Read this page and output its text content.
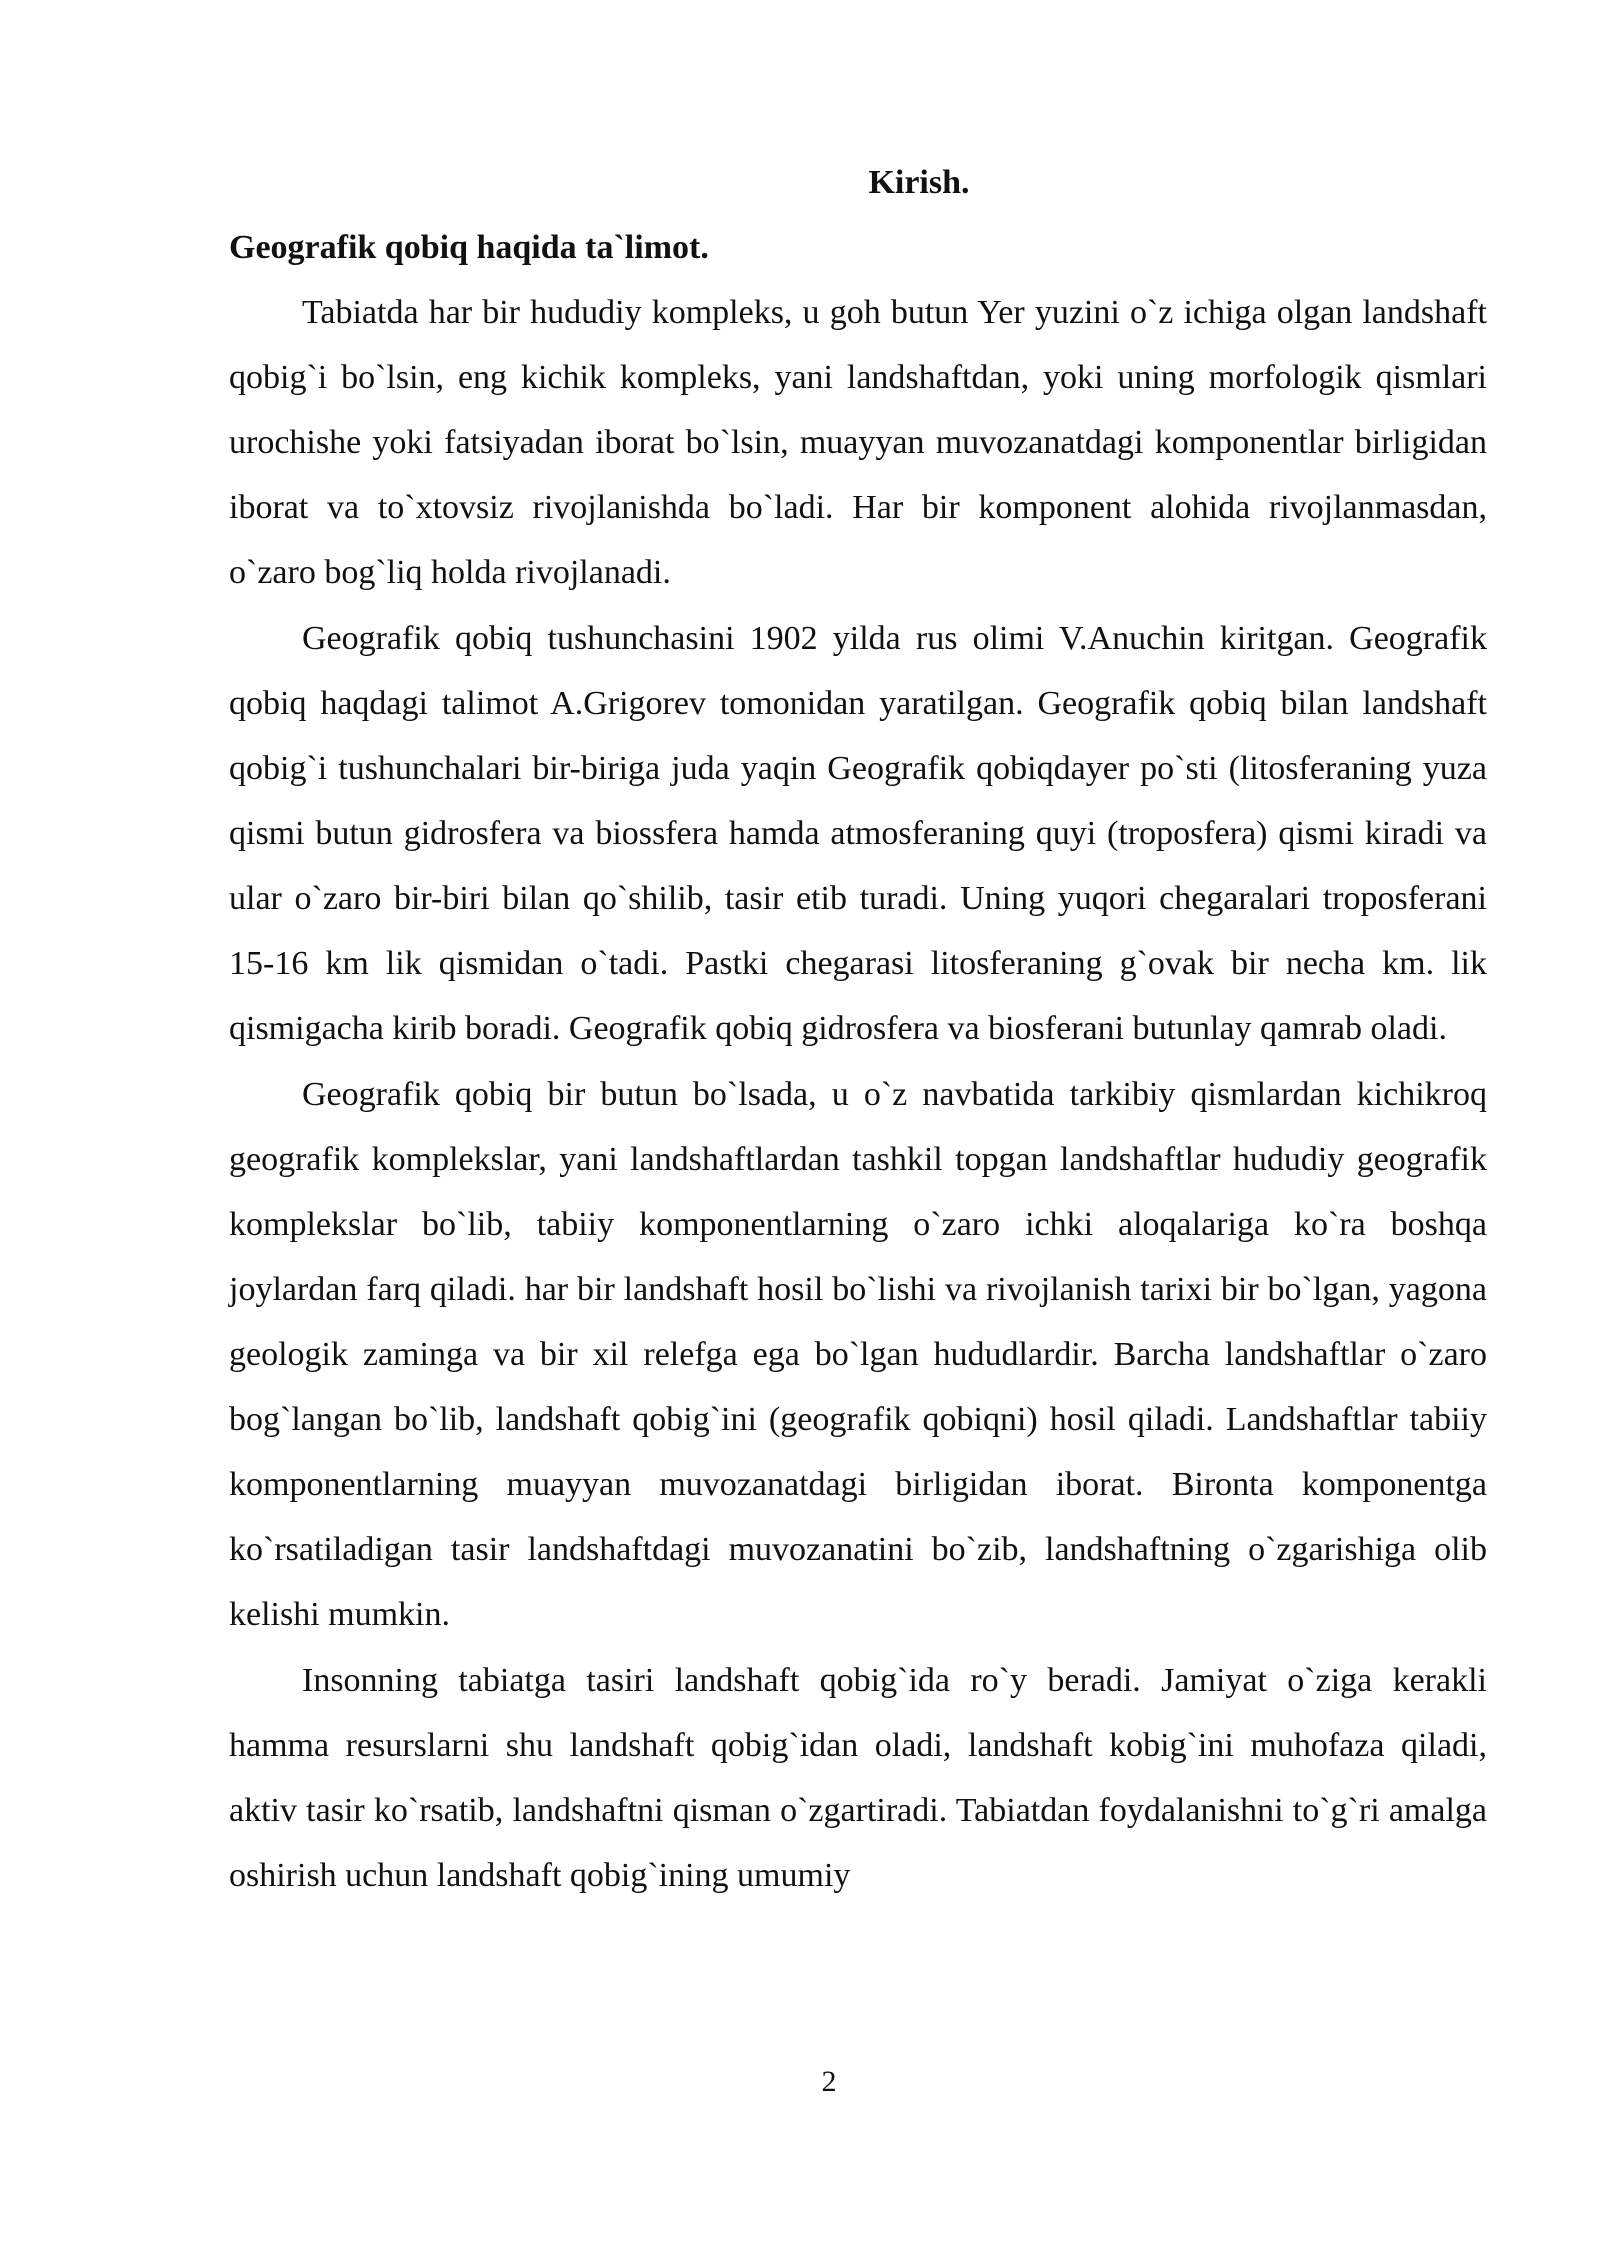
Kirish.
Geografik qobiq haqida ta`limot.

Tabiatda har bir hududiy kompleks, u goh butun Yer yuzini o`z ichiga olgan landshaft qobig`i bo`lsin, eng kichik kompleks, yani landshaftdan, yoki uning morfologik qismlari urochishe yoki fatsiyadan iborat bo`lsin, muayyan muvozanatdagi komponentlar birligidan iborat va to`xtovsiz rivojlanishda bo`ladi. Har bir komponent alohida rivojlanmasdan, o`zaro bog`liq holda rivojlanadi.

Geografik qobiq tushunchasini 1902 yilda rus olimi V.Anuchin kiritgan. Geografik qobiq haqdagi talimot A.Grigorev tomonidan yaratilgan. Geografik qobiq bilan landshaft qobig`i tushunchalari bir-biriga juda yaqin Geografik qobiqdayer po`sti (litosferaning yuza qismi butun gidrosfera va biossfera hamda atmosferaning quyi (troposfera) qismi kiradi va ular o`zaro bir-biri bilan qo`shilib, tasir etib turadi. Uning yuqori chegaralari troposferani 15-16 km lik qismidan o`tadi. Pastki chegarasi litosferaning g`ovak bir necha km. lik qismigacha kirib boradi. Geografik qobiq gidrosfera va biosferani butunlay qamrab oladi.

Geografik qobiq bir butun bo`lsada, u o`z navbatida tarkibiy qismlardan kichikroq geografik komplekslar, yani landshaftlardan tashkil topgan landshaftlar hududiy geografik komplekslar bo`lib, tabiiy komponentlarning o`zaro ichki aloqalariga ko`ra boshqa joylardan farq qiladi. har bir landshaft hosil bo`lishi va rivojlanish tarixi bir bo`lgan, yagona geologik zaminga va bir xil relefga ega bo`lgan hududlardir. Barcha landshaftlar o`zaro bog`langan bo`lib, landshaft qobig`ini (geografik qobiqni) hosil qiladi. Landshaftlar tabiiy komponentlarning muayyan muvozanatdagi birligidan iborat. Bironta komponentga ko`rsatiladigan tasir landshaftdagi muvozanatini bo`zib, landshaftning o`zgarishiga olib kelishi mumkin.

Insonning tabiatga tasiri landshaft qobig`ida ro`y beradi. Jamiyat o`ziga kerakli hamma resurslarni shu landshaft qobig`idan oladi, landshaft kobig`ini muhofaza qiladi, aktiv tasir ko`rsatib, landshaftni qisman o`zgartiradi. Tabiatdan foydalanishni to`g`ri amalga oshirish uchun landshaft qobig`ining umumiy

2
